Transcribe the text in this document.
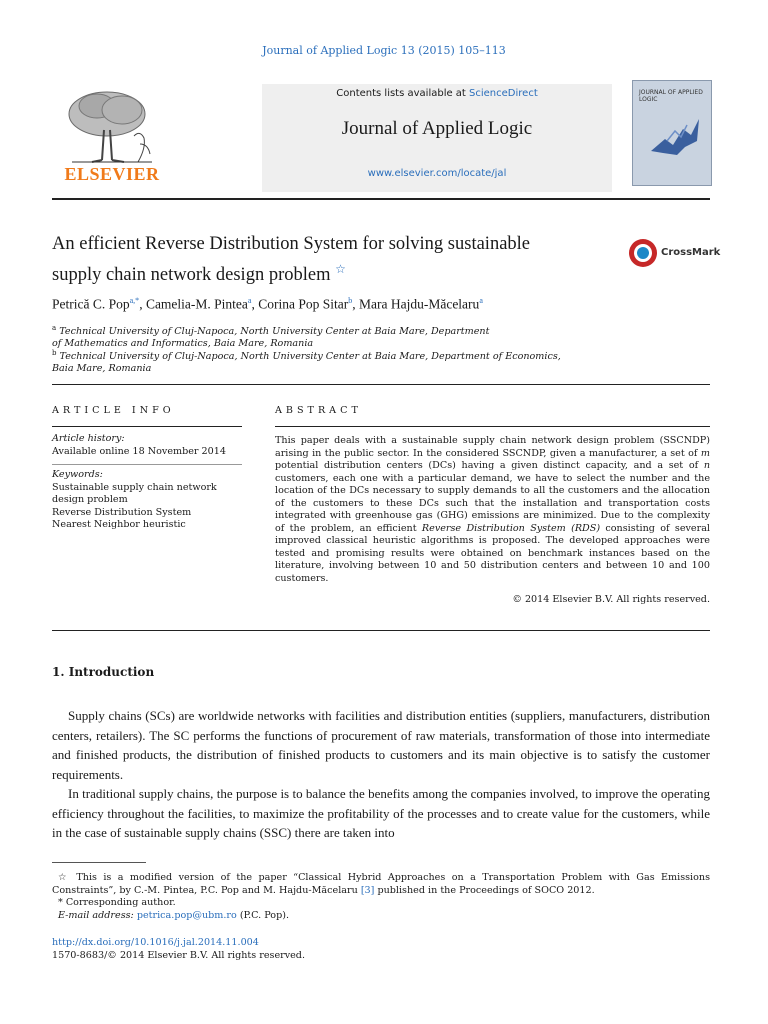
Journal of Applied Logic 13 (2015) 105–113
ELSEVIER
Contents lists available at ScienceDirect
Journal of Applied Logic
www.elsevier.com/locate/jal
JOURNAL OF APPLIED LOGIC
An efficient Reverse Distribution System for solving sustainable
supply chain network design problem ☆
CrossMark
Petrică C. Pop$^{a,*}$, Camelia-M. Pintea$^a$, Corina Pop Sitar$^b$, Mara Hajdu-Măcelaru$^a$
$^a$ Technical University of Cluj-Napoca, North University Center at Baia Mare, Department
of Mathematics and Informatics, Baia Mare, Romania
$^b$ Technical University of Cluj-Napoca, North University Center at Baia Mare, Department of Economics,
Baia Mare, Romania
ARTICLE INFO
Article history:
Available online 18 November 2014
Keywords:
Sustainable supply chain network
design problem
Reverse Distribution System
Nearest Neighbor heuristic
ABSTRACT
This paper deals with a sustainable supply chain network design problem (SSCNDP) arising in the public sector. In the considered SSCNDP, given a manufacturer, a set of m potential distribution centers (DCs) having a given distinct capacity, and a set of n customers, each one with a particular demand, we have to select the number and the location of the DCs necessary to supply demands to all the customers and the allocation of the customers to these DCs such that the installation and transportation costs integrated with greenhouse gas (GHG) emissions are minimized. Due to the complexity of the problem, an efficient Reverse Distribution System (RDS) consisting of several improved classical heuristic algorithms is proposed. The developed approaches were tested and promising results were obtained on benchmark instances based on the literature, involving between 10 and 50 distribution centers and between 10 and 100 customers.
© 2014 Elsevier B.V. All rights reserved.
1. Introduction
Supply chains (SCs) are worldwide networks with facilities and distribution entities (suppliers, manufacturers, distribution centers, retailers). The SC performs the functions of procurement of raw materials, transformation of those into intermediate and finished products, the distribution of finished products to customers and its main objective is to satisfy the customer requirements.
In traditional supply chains, the purpose is to balance the benefits among the companies involved, to improve the operating efficiency throughout the facilities, to maximize the profitability of the processes and to create value for the customers, while in the case of sustainable supply chains (SSC) there are taken into
☆ This is a modified version of the paper “Classical Hybrid Approaches on a Transportation Problem with Gas Emissions Constraints”, by C.-M. Pintea, P.C. Pop and M. Hajdu-Măcelaru [3] published in the Proceedings of SOCO 2012.
* Corresponding author.
E-mail address: petrica.pop@ubm.ro (P.C. Pop).
http://dx.doi.org/10.1016/j.jal.2014.11.004
1570-8683/© 2014 Elsevier B.V. All rights reserved.
